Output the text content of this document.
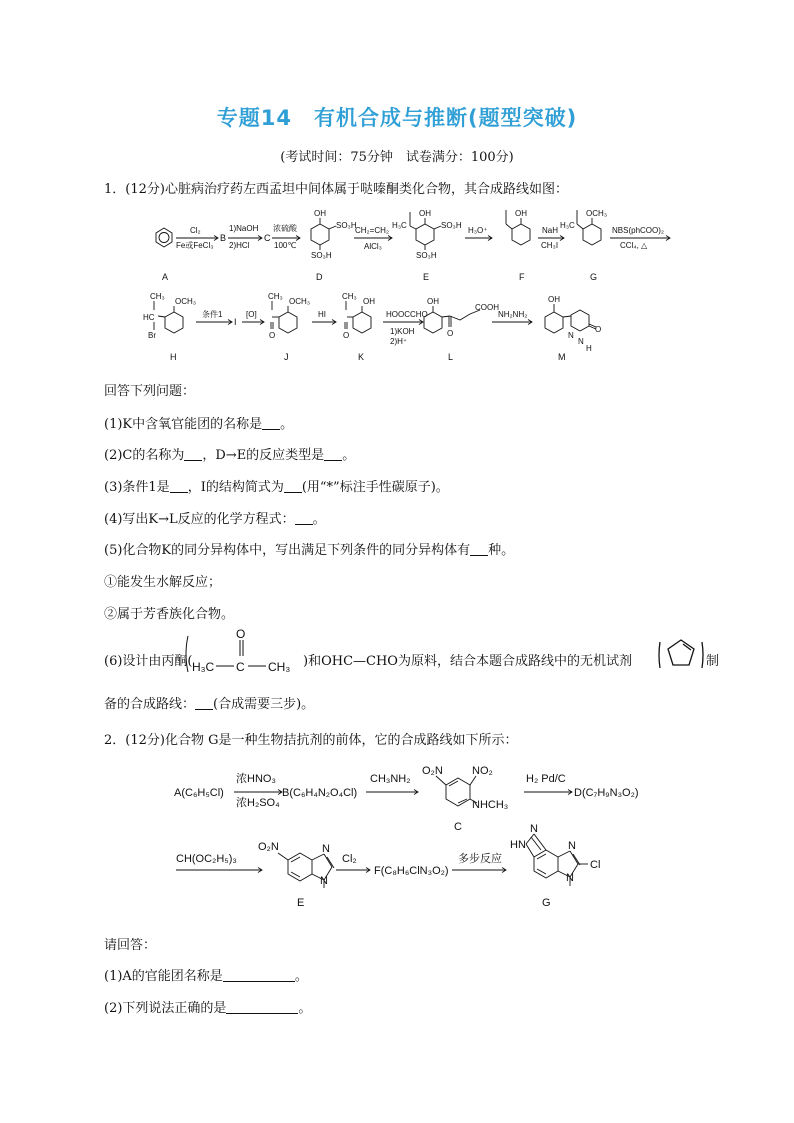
专题14　有机合成与推断(题型突破)
(考试时间：75分钟　试卷满分：100分)
1．(12分)心脏病治疗药左西孟坦中间体属于哒嗪酮类化合物，其合成路线如图：
A
B	C
D	E	F	G
Cl₂
Fe或FeCl₃
1)NaOH
2)HCl
浓硫酸
100℃
CH₂=CH₂
AlCl₃
H₃O⁺	NaH
CH₃I
NBS(phCOO)₂
CCl₄, △
OH
SO₃H
SO₃H
OH
SO₃H
SO₃H
H₃C
OH	OCH₃
H₃C
H
I
J	K	L	M
条件1	[O]	HI	HOOCCHO
1)KOH
2)H⁺
NH₂NH₂
CH₃
HC
Br
OCH₃
CH₃
O
OCH₃
CH₃
O
OH	OH
O
COOH
OH
N
N
H
O
回答下列问题：
(1)K中含氧官能团的名称是 。
(2)C的名称为 ，D→E的反应类型是 。
(3)条件1是 ，I的结构简式为 (用“*”标注手性碳原子)。
(4)写出K→L反应的化学方程式： 。
(5)化合物K的同分异构体中，写出满足下列条件的同分异构体有 种。
①能发生水解反应；
②属于芳香族化合物。
(6)设计由丙酮(
O
H₃C C CH₃ )和OHC—CHO为原料，结合本题合成路线中的无机试剂	制
备的合成路线： (合成需要三步)。
2．(12分)化合物 G是一种生物拮抗剂的前体，它的合成路线如下所示：
A(C₆H₅Cl)
浓HNO₃
浓H₂SO₄
B(C₆H₄N₂O₄Cl)
CH₃NH₂
O₂N	NO₂
NHCH₃
C
H₂ Pd/C
D(C₇H₉N₃O₂)
CH(OC₂H₅)₃
O₂N	N
N
E
Cl₂
F(C₈H₆ClN₃O₂)
多步反应
HN
N
N
N
Cl
G
请回答：
(1)A的官能团名称是	。
(2)下列说法正确的是	。
